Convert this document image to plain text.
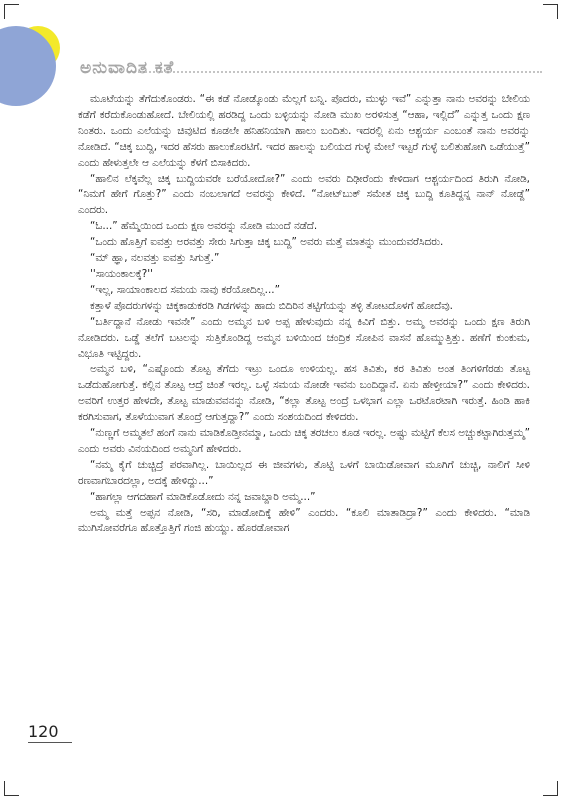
ಅನುವಾದಿತ ಕತೆ

ಮೂಟೆಯನ್ನು ತೆಗೆದುಕೊಂಡರು. “ಈ ಕಡೆ ನೋಡ್ಕೊಂಡು ಮೆಲ್ಲಗೆ ಬನ್ನಿ. ಪೊದರು, ಮುಳ್ಳು ಇವೆ” ಎನ್ನುತ್ತಾ ನಾನು ಅವರನ್ನು ಬೇಲಿಯ ಕಡೆಗೆ ಕರೆದುಕೊಂಡುಹೋದೆ. ಬೇಲಿಯಲ್ಲಿ ಹರಡಿದ್ದ ಒಂದು ಬಳ್ಳಿಯನ್ನು ನೋಡಿ ಮುಖ ಅರಳಿಸುತ್ತ “ಆಹಾ, ಇಲ್ಲಿದೆ” ಎನ್ನುತ್ತ ಒಂದು ಕ್ಷಣ ನಿಂತರು. ಒಂದು ಎಲೆಯನ್ನು ಚಿವುಟಿದ ಕೂಡಲೇ ಹನಿಹನಿಯಾಗಿ ಹಾಲು ಬಂದಿತು. ಇದರಲ್ಲಿ ಏನು ಆಶ್ಚರ್ಯ ಎಂಬಂತೆ ನಾನು ಅವರನ್ನು ನೋಡಿದೆ. “ಚಿಕ್ಕ ಬುದ್ದಿ, ಇದರ ಹೆಸರು ಹಾಲುಕೊರಟಿಗೆ. ಇದರ ಹಾಲನ್ನು ಬಲಿಯದ ಗುಳ್ಳೆ ಮೇಲೆ ಇಟ್ಟರೆ ಗುಳ್ಳೆ ಬಲಿತುಹೋಗಿ ಒಡೆಯುತ್ತೆ” ಎಂದು ಹೇಳುತ್ತಲೇ ಆ ಎಲೆಯನ್ನು ಕೆಳಗೆ ಬಿಸಾಕಿದರು.

“ಹಾಲಿನ ಲೆಕ್ಕವೆಲ್ಲ ಚಿಕ್ಕ ಬುದ್ದಿಯವರೇ ಬರೆಯೋದೋ?” ಎಂದು ಅವರು ದಿಢೀರೆಂದು ಕೇಳಿದಾಗ ಆಶ್ಚರ್ಯದಿಂದ ತಿರುಗಿ ನೋಡಿ, “ನಿಮಗೆ ಹೇಗೆ ಗೊತ್ತು?” ಎಂದು ನಂಬಲಾಗದೆ ಅವರನ್ನು ಕೇಳಿದೆ. “ನೋಟ್‍ಬುಕ್ ಸಮೇತ ಚಿಕ್ಕ ಬುದ್ದಿ ಕೂತಿದ್ದನ್ನ ನಾನ್ ನೋಡ್ದೆ” ಎಂದರು.

“ಓ...” ಹೆಮ್ಮೆಯಿಂದ ಒಂದು ಕ್ಷಣ ಅವರನ್ನು ನೋಡಿ ಮುಂದೆ ನಡೆದೆ.

“ಒಂದು ಹೊತ್ತಿಗೆ ಐವತ್ತು ಅರವತ್ತು ಸೇರು ಸಿಗುತ್ತಾ ಚಿಕ್ಕ ಬುದ್ದಿ” ಅವರು ಮತ್ತೆ ಮಾತನ್ನು ಮುಂದುವರೆಸಿದರು.

“ಮ್ ಹ್ಞಾ, ನಲವತ್ತು ಐವತ್ತು ಸಿಗುತ್ತೆ.”

''ಸಾಯಂಕಾಲಕ್ಕೆ?''

“ಇಲ್ಲ, ಸಾಯಾಂಕಾಲದ ಸಮಯ ನಾವು ಕರೆಯೋದಿಲ್ಲ...”

ಕತ್ತಾಳೆ ಪೊದರುಗಳನ್ನು ಚಿಕ್ಕಕಾಡುಕರಡಿ ಗಿಡಗಳನ್ನು ಹಾದು ಬಿದಿರಿನ ತಟ್ಟಿಗೆಯನ್ನು ತಳ್ಳಿ ತೋಟದೊಳಗೆ ಹೋದೆವು.

“ಬರ್ತಿದ್ದಾನೆ ನೋಡು ಇವನೇ” ಎಂದು ಅಮ್ಮನ ಬಳಿ ಅಪ್ಪ ಹೇಳುವುದು ನನ್ನ ಕಿವಿಗೆ ಬಿತ್ತು. ಅಮ್ಮ ಅವರನ್ನು ಒಂದು ಕ್ಷಣ ತಿರುಗಿ ನೋಡಿದರು. ಒಡ್ಡೆ ತಲೆಗೆ ಬಟಲನ್ನು ಸುತ್ತಿಕೊಂಡಿದ್ದ ಅಮ್ಮನ ಬಳಿಯಿಂದ ಚಂದ್ರಿಕ ಸೋಪಿನ ವಾಸನೆ ಹೊಮ್ಮುತ್ತಿತ್ತು. ಹಣೆಗೆ ಕುಂಕುಮ, ವಿಭೂತಿ ಇಟ್ಟಿದ್ದರು.

ಅಮ್ಮನ ಬಳಿ, “ಎಷ್ಟೊಂದು ತೊಟ್ಟ ತೆಗೆದು ಇಟ್ರು ಒಂದೂ ಉಳಿಯಲ್ಲ. ಹಸ ತಿವಿತು, ಕರ ತಿವಿತು ಅಂತ ತಿಂಗಳಿಗೆರಡು ತೊಟ್ಟ ಒಡೆದುಹೋಗುತ್ತೆ. ಕಲ್ಲಿನ ತೊಟ್ಟ ಆದ್ರೆ ಚಿಂತೆ ಇರಲ್ಲ. ಒಳ್ಳೆ ಸಮಯ ನೋಡೇ ಇವನು ಬಂದಿದ್ದಾನೆ. ಏನು ಹೇಳ್ತೀಯಾ?” ಎಂದು ಕೇಳಿದರು. ಅವರಿಗೆ ಉತ್ತರ ಹೇಳದೇ, ತೊಟ್ಟ ಮಾಡುವವನನ್ನು ನೋಡಿ, “ಕಲ್ಲಾ ತೊಟ್ಟ ಅಂದ್ರೆ ಒಳಭಾಗ ಎಲ್ಲಾ ಒರಟೊರಟಾಗಿ ಇರುತ್ತೆ. ಹಿಂಡಿ ಹಾಕಿ ಕರಗಿಸುವಾಗ, ತೊಳೆಯುವಾಗ ತೊಂದ್ರೆ ಆಗುತ್ತದ್ದಾ?” ಎಂದು ಸಂಶಯದಿಂದ ಕೇಳಿದರು.

“ನುಣ್ಣಗೆ ಅಮ್ಮತಲೆ ಹಂಗೆ ನಾನು ಮಾಡಿಕೊಡ್ತೀನಮ್ಮಾ, ಒಂದು ಚಿಕ್ಕ ತರಚಲು ಕೂಡ ಇರಲ್ಲ. ಅಷ್ಟು ಮಟ್ಟಿಗೆ ಕೆಲಸ ಅಚ್ಚುಕಟ್ಟಾಗಿರುತ್ತಮ್ಮ” ಎಂದು ಅವರು ವಿನಯದಿಂದ ಅಮ್ಮನಿಗೆ ಹೇಳಿದರು.

“ನಮ್ಮ ಕೈಗೆ ಚುಚ್ಚಿದ್ರೆ ಪರವಾಗಿಲ್ಲ. ಬಾಯಿಲ್ಲದ ಈ ಜೀವಗಳು, ತೊಟ್ಟಿ ಒಳಗೆ ಬಾಯಿಡೋವಾಗ ಮೂಗಿಗೆ ಚುಚ್ಚಿ, ನಾಲಿಗೆ ಸೀಳಿ ರಣವಾಗಬಾರದಲ್ಲಾ, ಅದಕ್ಕೆ ಹೇಳಿದ್ದು...”

“ಹಾಗಲ್ಲಾ ಆಗದಹಾಗೆ ಮಾಡಿಕೊಡೋದು ನನ್ನ ಜವಾಬ್ದಾರಿ ಅಮ್ಮ...”

ಅಮ್ಮ ಮತ್ತೆ ಅಪ್ಪನ ನೋಡಿ, “ಸರಿ, ಮಾಡೋದಿಕ್ಕೆ ಹೇಳಿ” ಎಂದರು. “ಕೂಲಿ ಮಾತಾಡಿದ್ರಾ?” ಎಂದು ಕೇಳಿದರು. “ಮಾಡಿ ಮುಗಿಸೋವರೆಗೂ ಹೊತ್ತೊತ್ತಿಗೆ ಗಂಜಿ ಹುಯ್ದು. ಹೊರಡೋವಾಗ

120
